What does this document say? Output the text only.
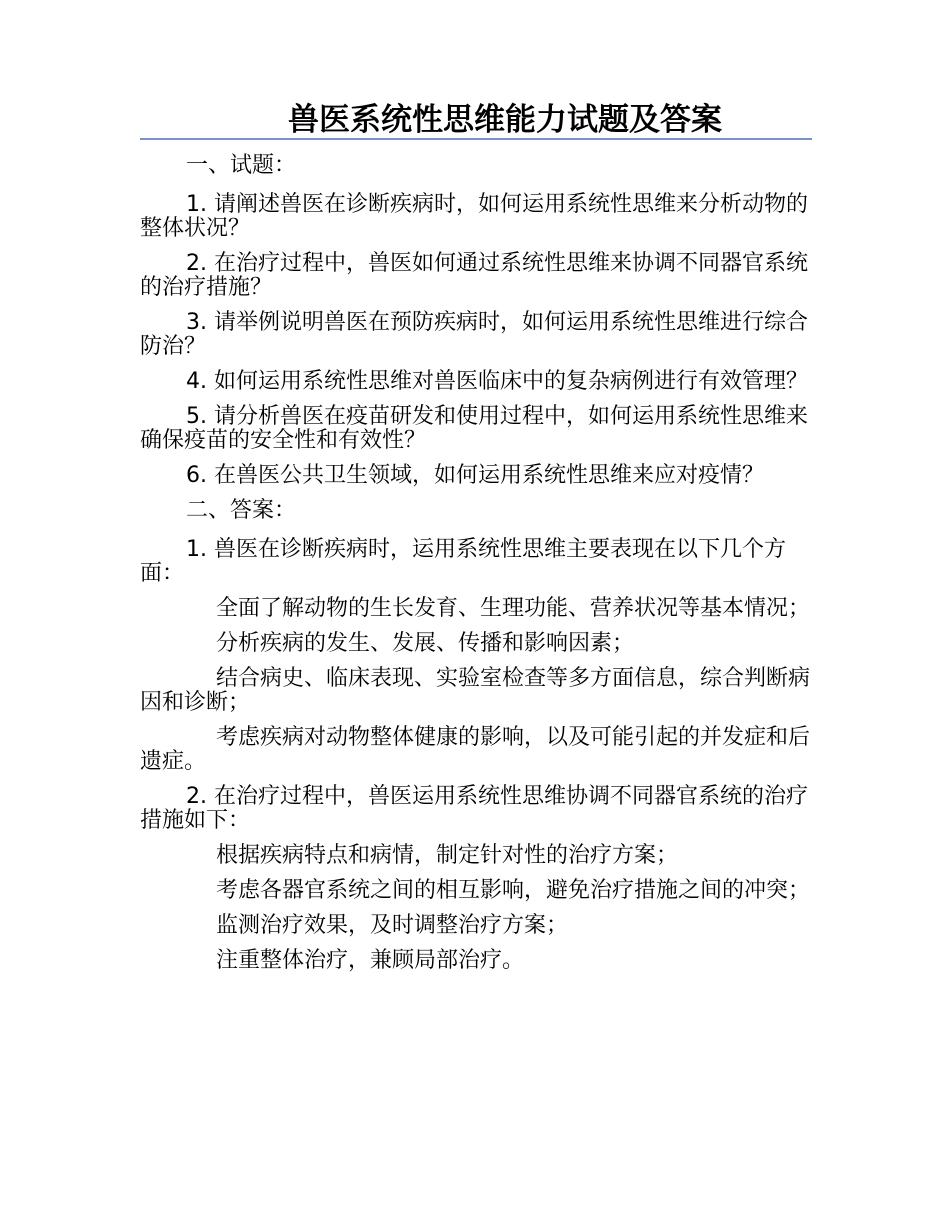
兽医系统性思维能力试题及答案

一、试题：

1. 请阐述兽医在诊断疾病时，如何运用系统性思维来分析动物的整体状况？

2. 在治疗过程中，兽医如何通过系统性思维来协调不同器官系统的治疗措施？

3. 请举例说明兽医在预防疾病时，如何运用系统性思维进行综合防治？

4. 如何运用系统性思维对兽医临床中的复杂病例进行有效管理？

5. 请分析兽医在疫苗研发和使用过程中，如何运用系统性思维来确保疫苗的安全性和有效性？

6. 在兽医公共卫生领域，如何运用系统性思维来应对疫情？

二、答案：

1. 兽医在诊断疾病时，运用系统性思维主要表现在以下几个方面：

全面了解动物的生长发育、生理功能、营养状况等基本情况；

分析疾病的发生、发展、传播和影响因素；

结合病史、临床表现、实验室检查等多方面信息，综合判断病因和诊断；

考虑疾病对动物整体健康的影响，以及可能引起的并发症和后遗症。

2. 在治疗过程中，兽医运用系统性思维协调不同器官系统的治疗措施如下：

根据疾病特点和病情，制定针对性的治疗方案；

考虑各器官系统之间的相互影响，避免治疗措施之间的冲突；

监测治疗效果，及时调整治疗方案；

注重整体治疗，兼顾局部治疗。
